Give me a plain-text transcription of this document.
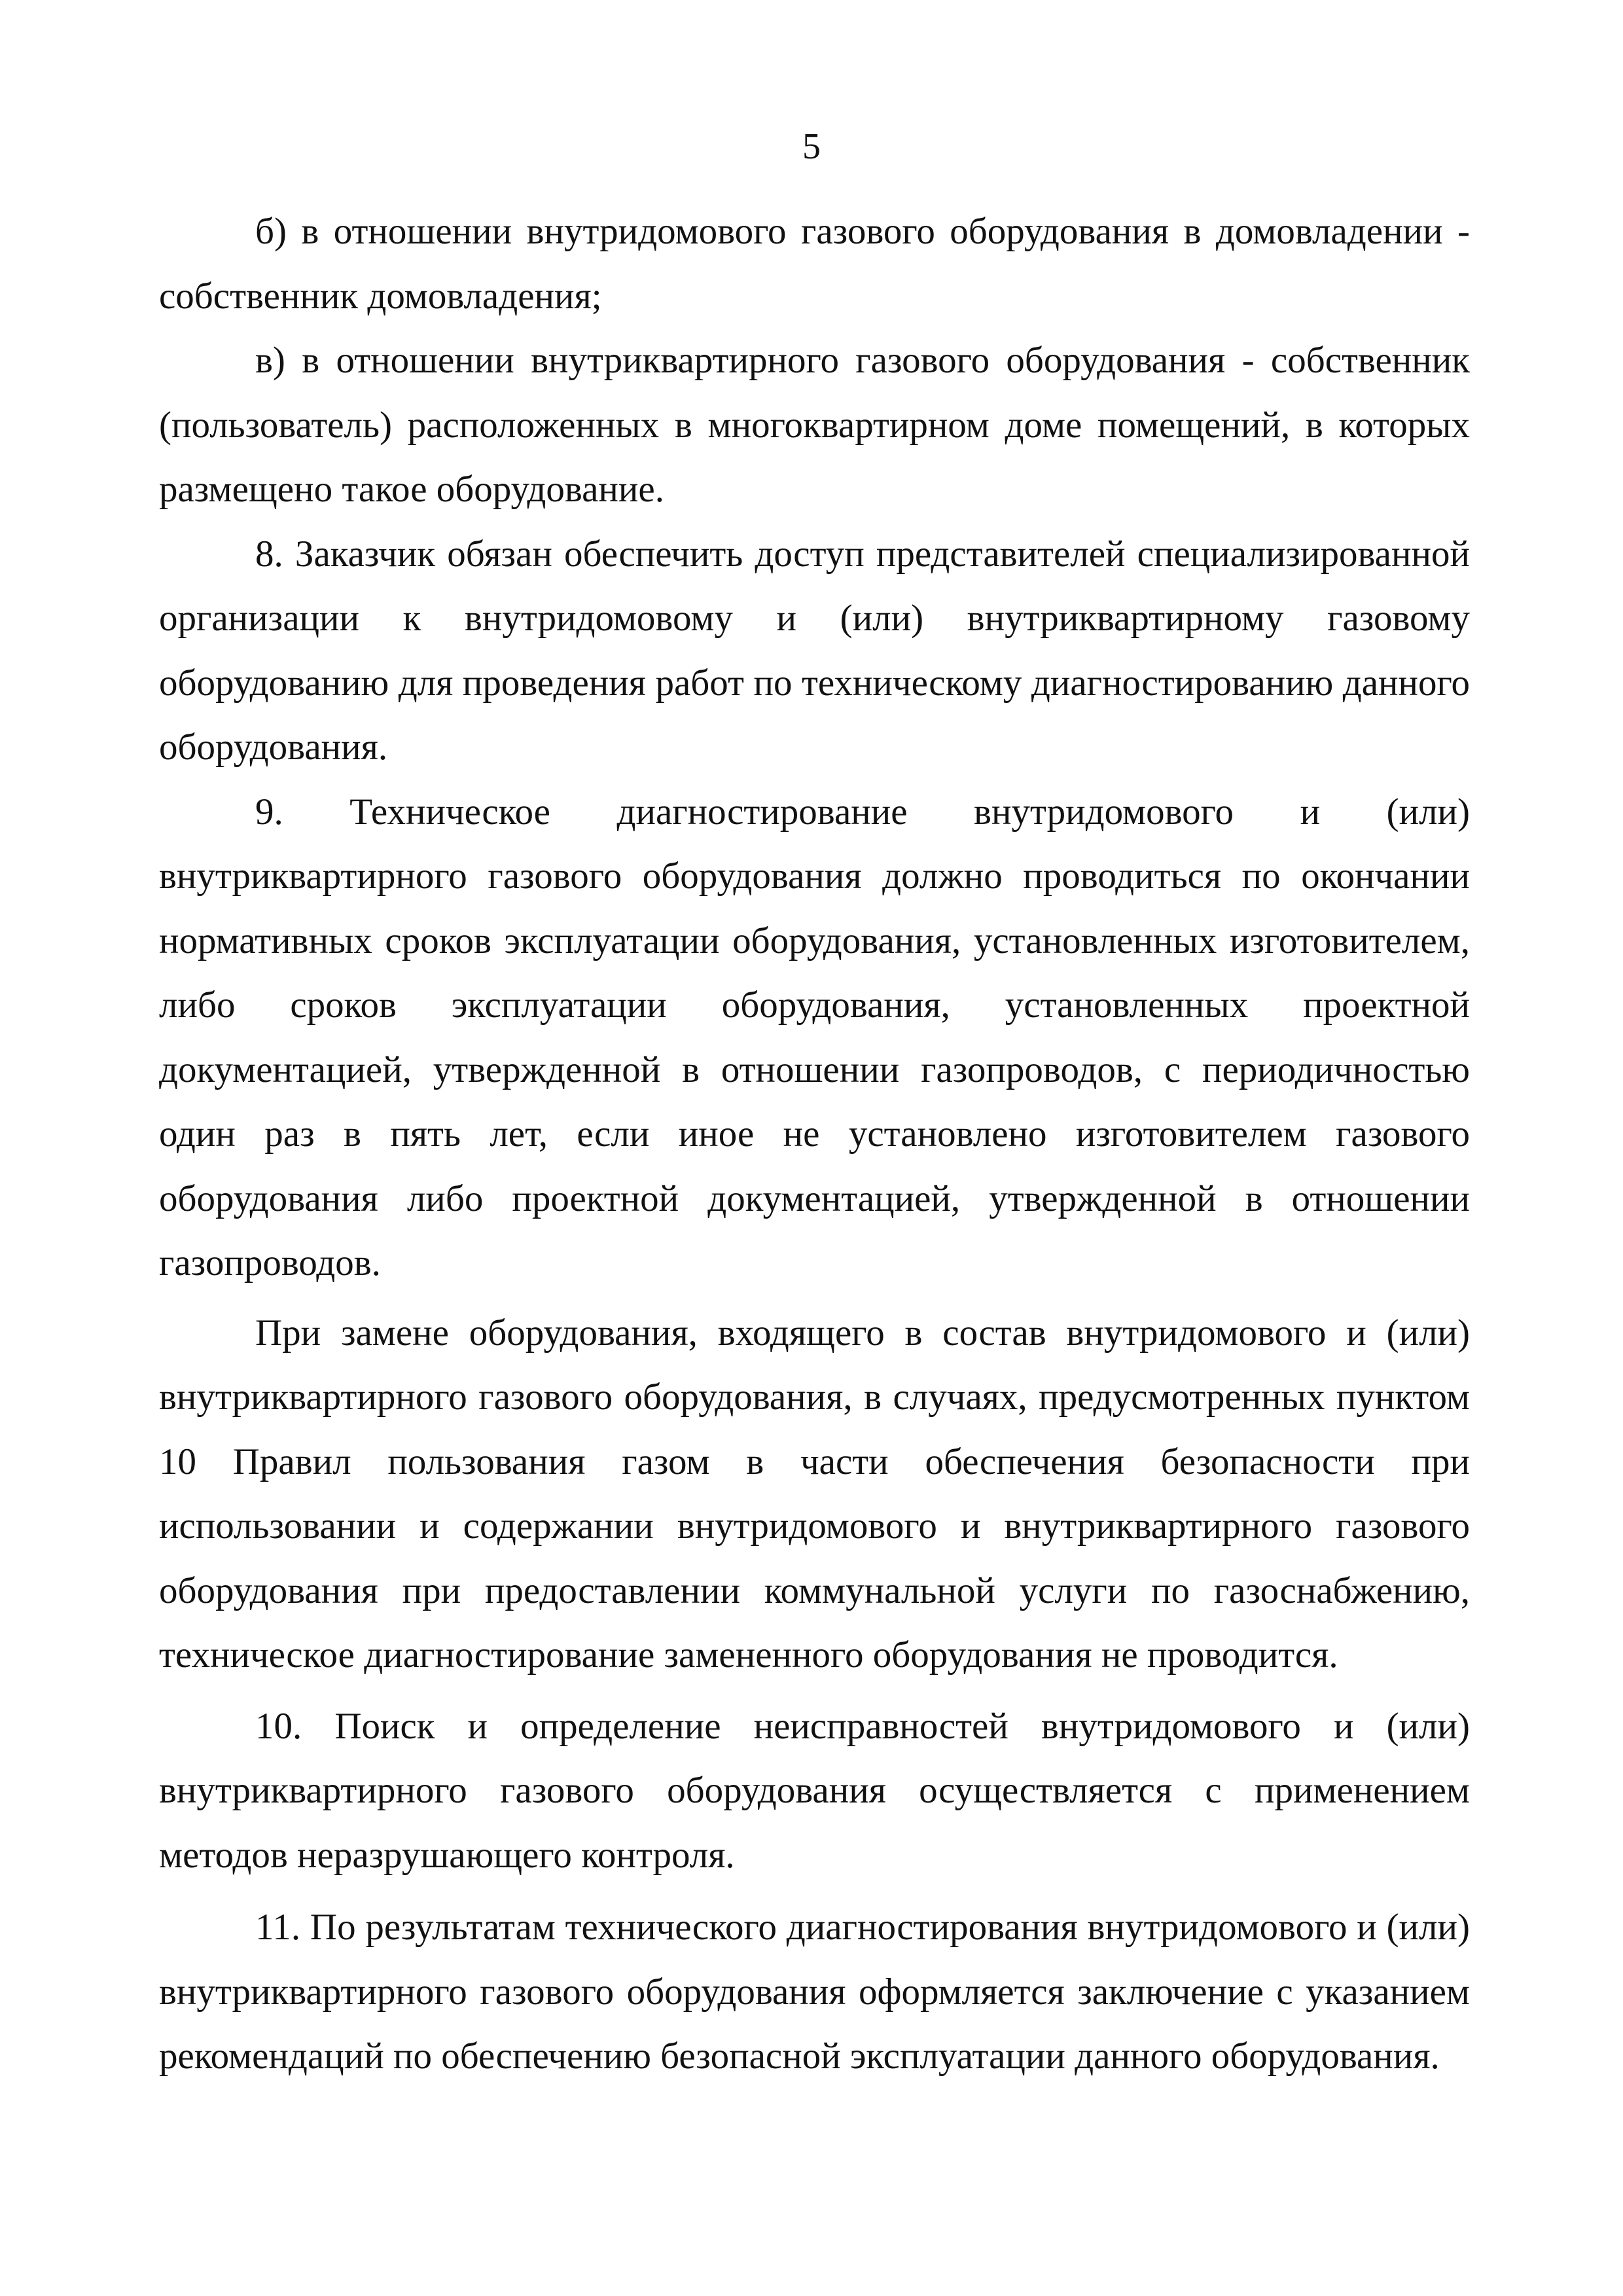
5

б) в отношении внутридомового газового оборудования в домовладении - собственник домовладения;

в) в отношении внутриквартирного газового оборудования - собственник (пользователь) расположенных в многоквартирном доме помещений, в которых размещено такое оборудование.

8. Заказчик обязан обеспечить доступ представителей специализированной организации к внутридомовому и (или) внутриквартирному газовому оборудованию для проведения работ по техническому диагностированию данного оборудования.

9. Техническое диагностирование внутридомового и (или) внутриквартирного газового оборудования должно проводиться по окончании нормативных сроков эксплуатации оборудования, установленных изготовителем, либо сроков эксплуатации оборудования, установленных проектной документацией, утвержденной в отношении газопроводов, с периодичностью один раз в пять лет, если иное не установлено изготовителем газового оборудования либо проектной документацией, утвержденной в отношении газопроводов.

При замене оборудования, входящего в состав внутридомового и (или) внутриквартирного газового оборудования, в случаях, предусмотренных пунктом 10 Правил пользования газом в части обеспечения безопасности при использовании и содержании внутридомового и внутриквартирного газового оборудования при предоставлении коммунальной услуги по газоснабжению, техническое диагностирование замененного оборудования не проводится.

10. Поиск и определение неисправностей внутридомового и (или) внутриквартирного газового оборудования осуществляется с применением методов неразрушающего контроля.

11. По результатам технического диагностирования внутридомового и (или) внутриквартирного газового оборудования оформляется заключение с указанием рекомендаций по обеспечению безопасной эксплуатации данного оборудования.
